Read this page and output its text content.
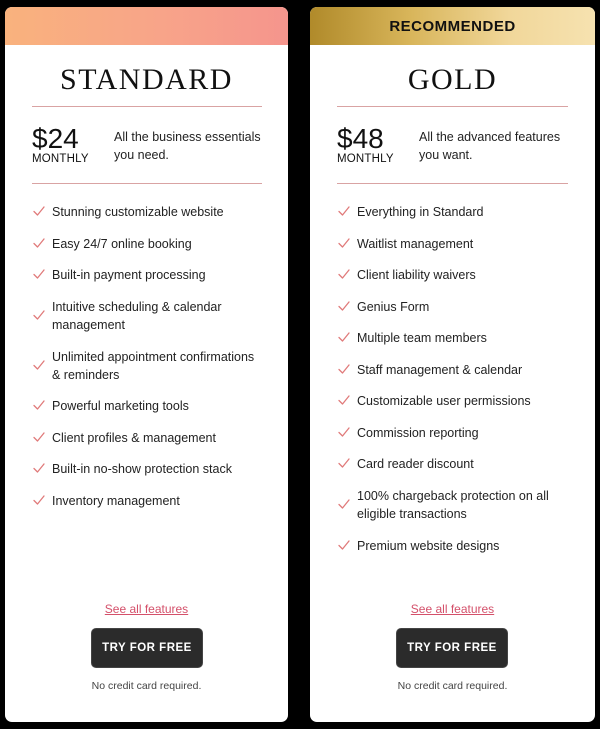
STANDARD
$24
MONTHLY
All the business essentials you need.
Stunning customizable website
Easy 24/7 online booking
Built-in payment processing
Intuitive scheduling & calendar management
Unlimited appointment confirmations & reminders
Powerful marketing tools
Client profiles & management
Built-in no-show protection stack
Inventory management
See all features
TRY FOR FREE
No credit card required.
RECOMMENDED
GOLD
$48
MONTHLY
All the advanced features you want.
Everything in Standard
Waitlist management
Client liability waivers
Genius Form
Multiple team members
Staff management & calendar
Customizable user permissions
Commission reporting
Card reader discount
100% chargeback protection on all eligible transactions
Premium website designs
See all features
TRY FOR FREE
No credit card required.
